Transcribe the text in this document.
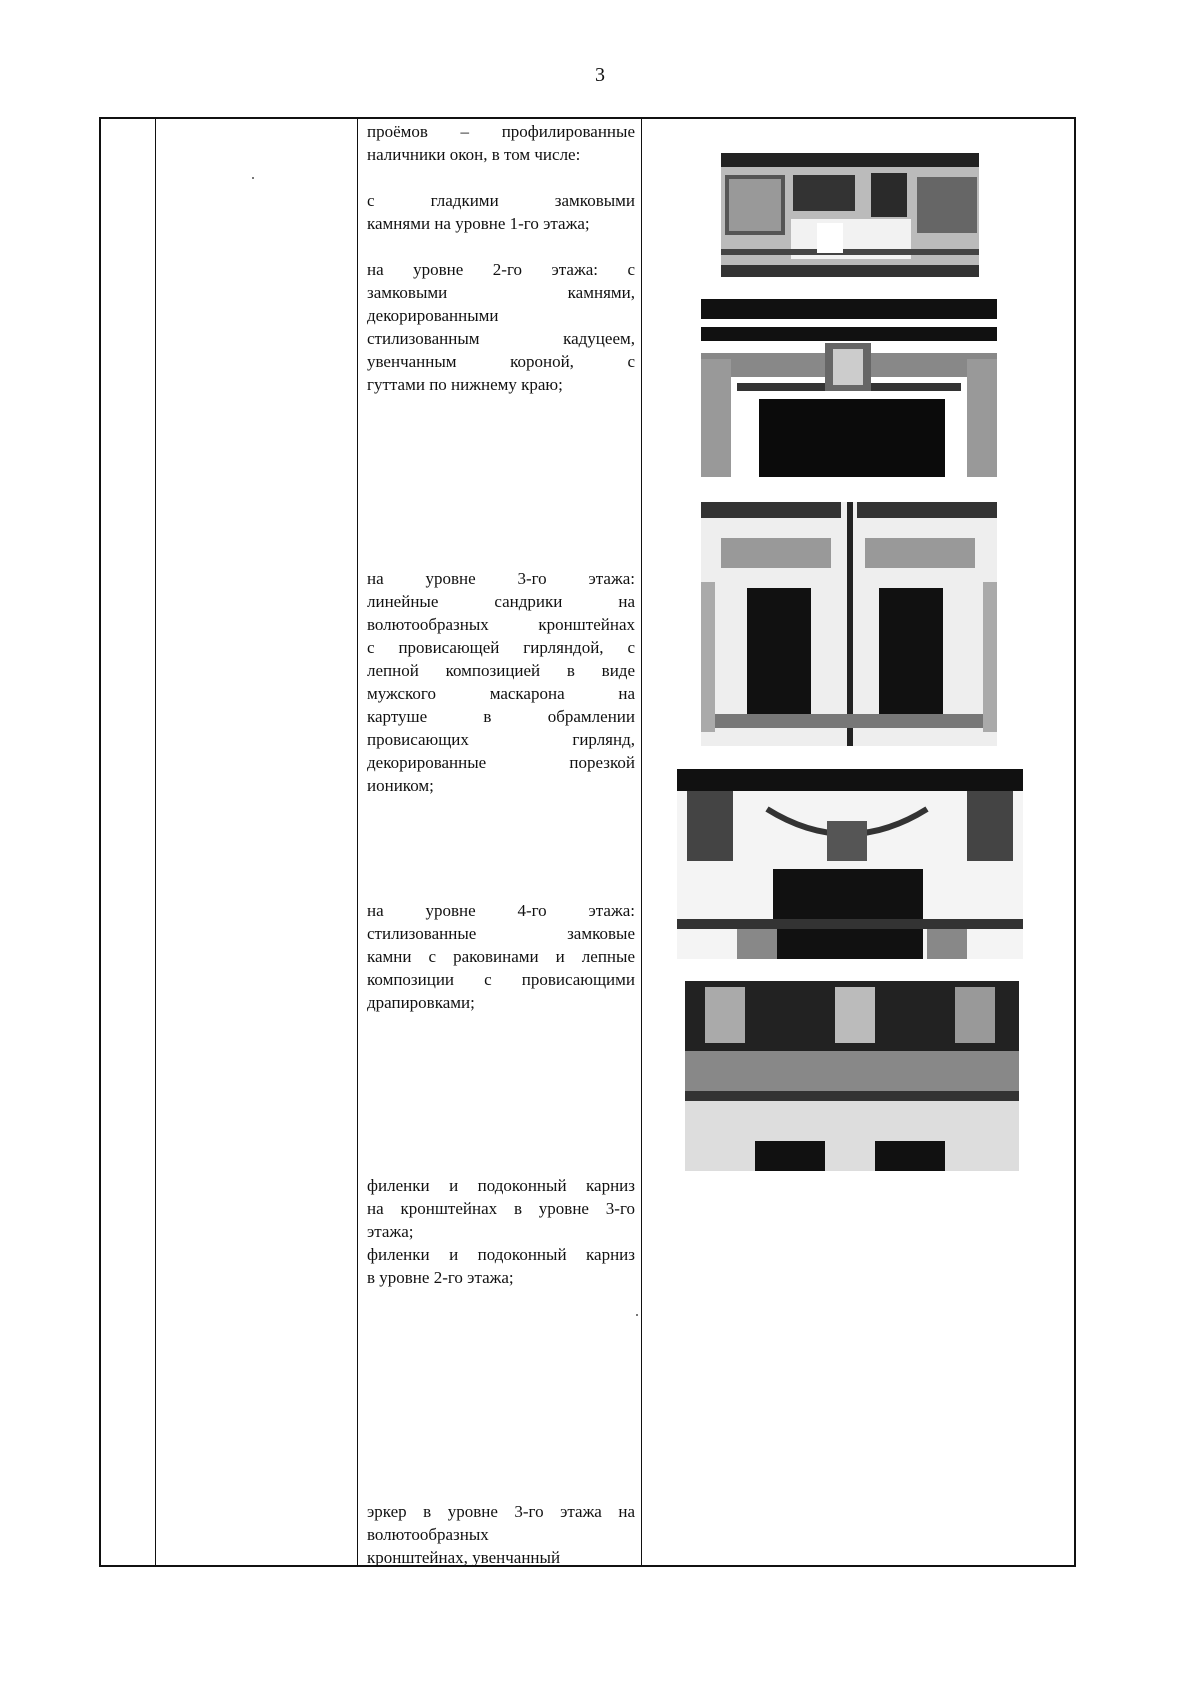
3
проёмов – профилированные
наличники окон, в том числе:
с гладкими замковыми
камнями на уровне 1-го этажа;
на уровне 2-го этажа: с
замковыми камнями,
декорированными
стилизованным кадуцеем,
увенчанным короной, с
гуттами по нижнему краю;
на уровне 3-го этажа:
линейные сандрики на
волютообразных кронштейнах
с провисающей гирляндой, с
лепной композицией в виде
мужского маскарона на
картуше в обрамлении
провисающих гирлянд,
декорированные порезкой
иоником;
на уровне 4-го этажа:
стилизованные замковые
камни с раковинами и лепные
композиции с провисающими
драпировками;
филенки и подоконный карниз
на кронштейнах в уровне 3-го
этажа;
филенки и подоконный карниз
в уровне 2-го этажа;
эркер в уровне 3-го этажа на
волютообразных
кронштейнах, увенчанный
